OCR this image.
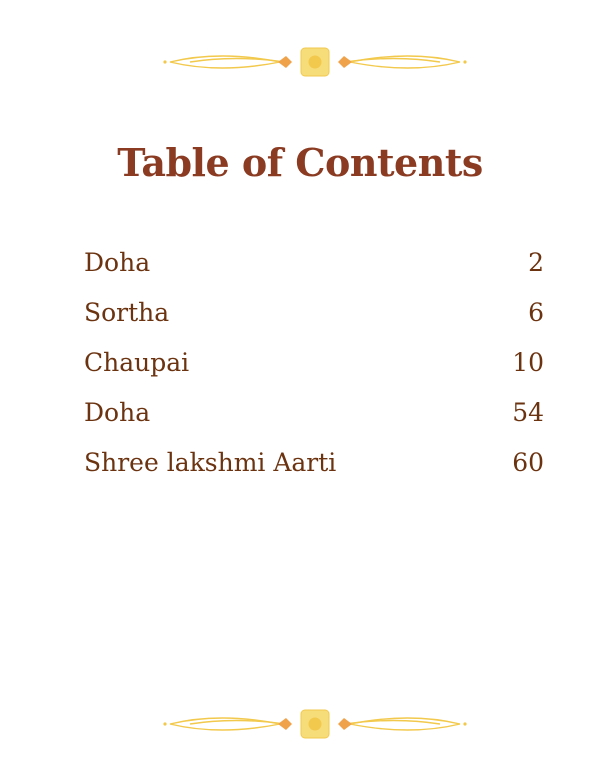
Table of Contents
Doha	2
Sortha	6
Chaupai	10
Doha	54
Shree lakshmi Aarti	60
